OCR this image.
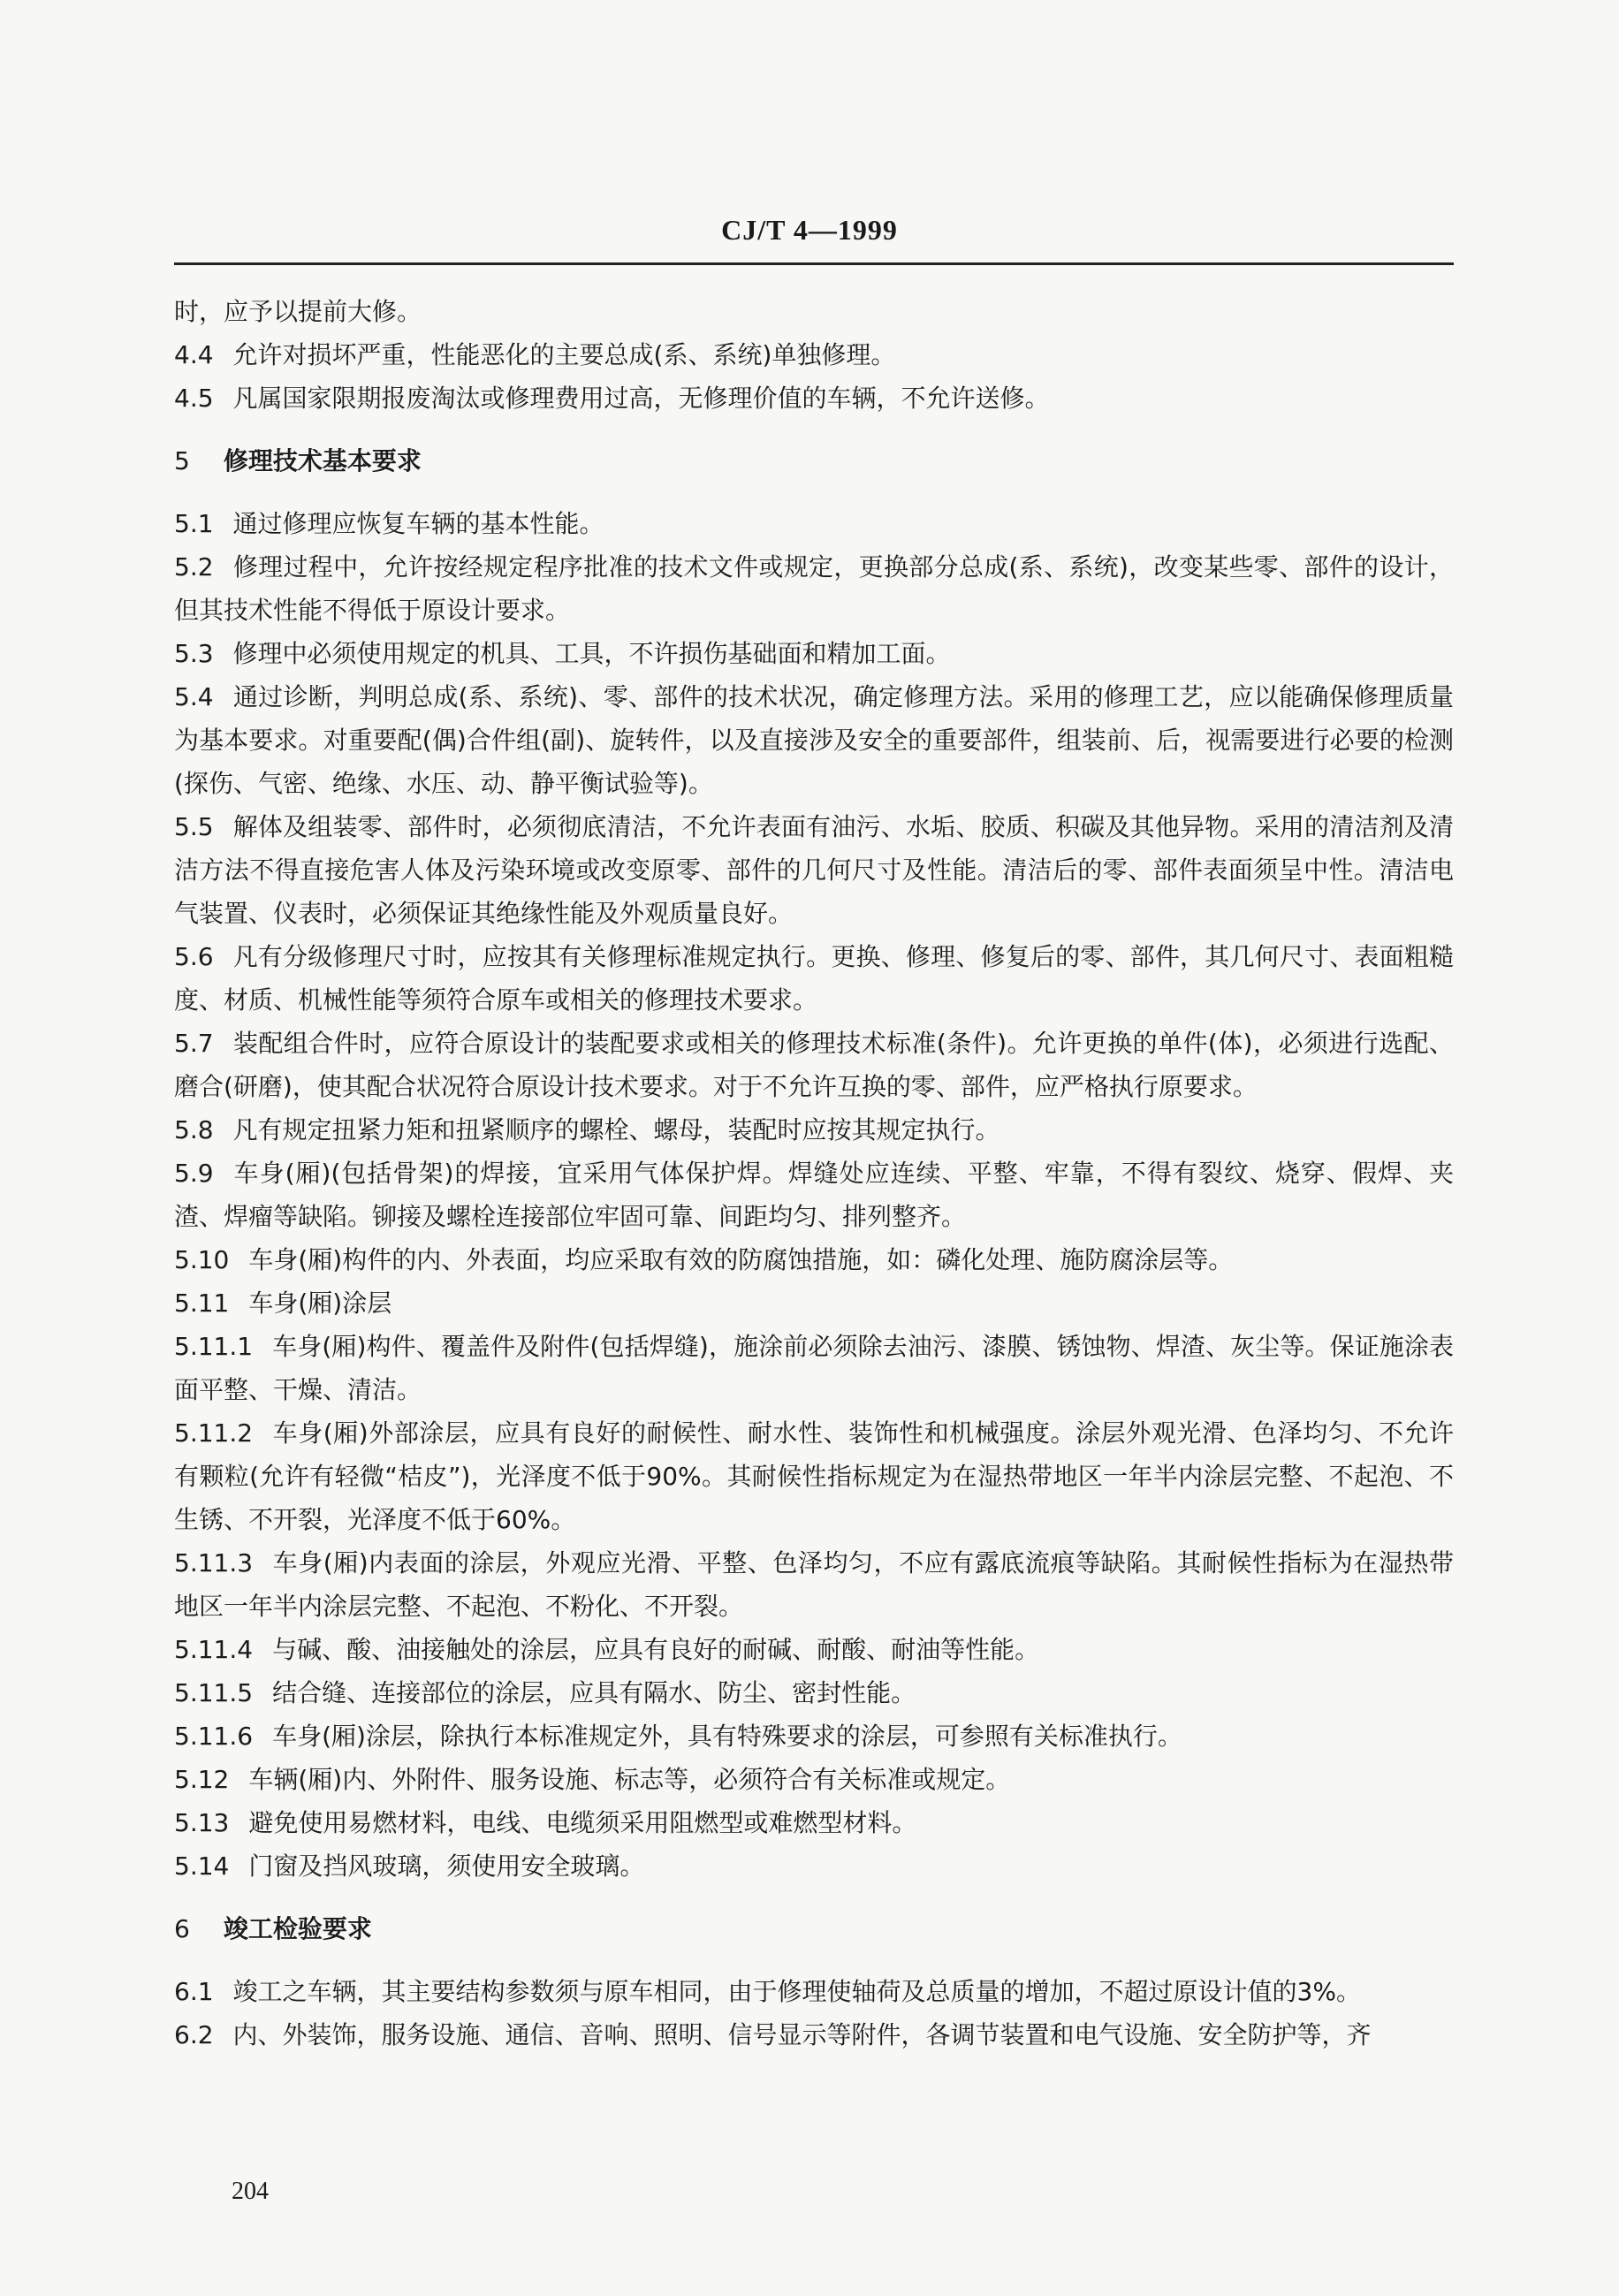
CJ/T 4—1999

时，应予以提前大修。

4.4 允许对损坏严重，性能恶化的主要总成(系、系统)单独修理。

4.5 凡属国家限期报废淘汰或修理费用过高，无修理价值的车辆，不允许送修。

5 修理技术基本要求

5.1 通过修理应恢复车辆的基本性能。

5.2 修理过程中，允许按经规定程序批准的技术文件或规定，更换部分总成(系、系统)，改变某些零、部件的设计，但其技术性能不得低于原设计要求。

5.3 修理中必须使用规定的机具、工具，不许损伤基础面和精加工面。

5.4 通过诊断，判明总成(系、系统)、零、部件的技术状况，确定修理方法。采用的修理工艺，应以能确保修理质量为基本要求。对重要配(偶)合件组(副)、旋转件，以及直接涉及安全的重要部件，组装前、后，视需要进行必要的检测(探伤、气密、绝缘、水压、动、静平衡试验等)。

5.5 解体及组装零、部件时，必须彻底清洁，不允许表面有油污、水垢、胶质、积碳及其他异物。采用的清洁剂及清洁方法不得直接危害人体及污染环境或改变原零、部件的几何尺寸及性能。清洁后的零、部件表面须呈中性。清洁电气装置、仪表时，必须保证其绝缘性能及外观质量良好。

5.6 凡有分级修理尺寸时，应按其有关修理标准规定执行。更换、修理、修复后的零、部件，其几何尺寸、表面粗糙度、材质、机械性能等须符合原车或相关的修理技术要求。

5.7 装配组合件时，应符合原设计的装配要求或相关的修理技术标准(条件)。允许更换的单件(体)，必须进行选配、磨合(研磨)，使其配合状况符合原设计技术要求。对于不允许互换的零、部件，应严格执行原要求。

5.8 凡有规定扭紧力矩和扭紧顺序的螺栓、螺母，装配时应按其规定执行。

5.9 车身(厢)(包括骨架)的焊接，宜采用气体保护焊。焊缝处应连续、平整、牢靠，不得有裂纹、烧穿、假焊、夹渣、焊瘤等缺陷。铆接及螺栓连接部位牢固可靠、间距均匀、排列整齐。

5.10 车身(厢)构件的内、外表面，均应采取有效的防腐蚀措施，如：磷化处理、施防腐涂层等。

5.11 车身(厢)涂层

5.11.1 车身(厢)构件、覆盖件及附件(包括焊缝)，施涂前必须除去油污、漆膜、锈蚀物、焊渣、灰尘等。保证施涂表面平整、干燥、清洁。

5.11.2 车身(厢)外部涂层，应具有良好的耐候性、耐水性、装饰性和机械强度。涂层外观光滑、色泽均匀、不允许有颗粒(允许有轻微“桔皮”)，光泽度不低于90%。其耐候性指标规定为在湿热带地区一年半内涂层完整、不起泡、不生锈、不开裂，光泽度不低于60%。

5.11.3 车身(厢)内表面的涂层，外观应光滑、平整、色泽均匀，不应有露底流痕等缺陷。其耐候性指标为在湿热带地区一年半内涂层完整、不起泡、不粉化、不开裂。

5.11.4 与碱、酸、油接触处的涂层，应具有良好的耐碱、耐酸、耐油等性能。

5.11.5 结合缝、连接部位的涂层，应具有隔水、防尘、密封性能。

5.11.6 车身(厢)涂层，除执行本标准规定外，具有特殊要求的涂层，可参照有关标准执行。

5.12 车辆(厢)内、外附件、服务设施、标志等，必须符合有关标准或规定。

5.13 避免使用易燃材料，电线、电缆须采用阻燃型或难燃型材料。

5.14 门窗及挡风玻璃，须使用安全玻璃。

6 竣工检验要求

6.1 竣工之车辆，其主要结构参数须与原车相同，由于修理使轴荷及总质量的增加，不超过原设计值的3%。

6.2 内、外装饰，服务设施、通信、音响、照明、信号显示等附件，各调节装置和电气设施、安全防护等，齐

204
